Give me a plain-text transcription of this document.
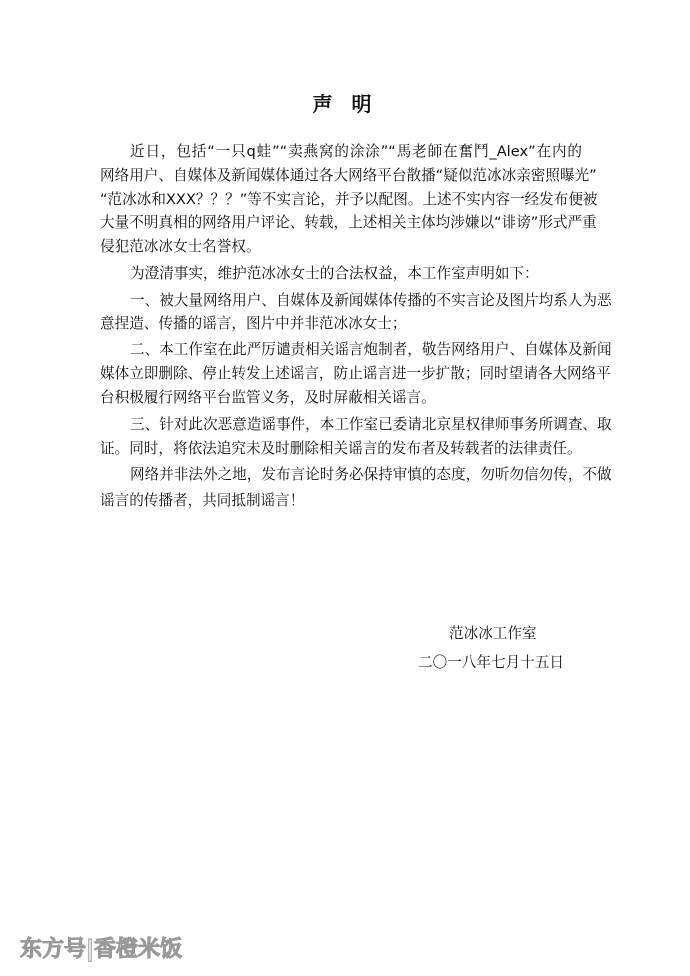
声 明
近日，包括“一只q蛙”“卖燕窝的涂涂”“馬老師在奮鬥_Alex”在内的
网络用户、自媒体及新闻媒体通过各大网络平台散播“疑似范冰冰亲密照曝光”
“范冰冰和XXX？？？”等不实言论，并予以配图。上述不实内容一经发布便被
大量不明真相的网络用户评论、转载，上述相关主体均涉嫌以“诽谤”形式严重
侵犯范冰冰女士名誉权。
为澄清事实，维护范冰冰女士的合法权益，本工作室声明如下：
一、被大量网络用户、自媒体及新闻媒体传播的不实言论及图片均系人为恶
意捏造、传播的谣言，图片中并非范冰冰女士；
二、本工作室在此严厉谴责相关谣言炮制者，敬告网络用户、自媒体及新闻
媒体立即删除、停止转发上述谣言，防止谣言进一步扩散；同时望请各大网络平
台积极履行网络平台监管义务，及时屏蔽相关谣言。
三、针对此次恶意造谣事件，本工作室已委请北京星权律师事务所调查、取
证。同时，将依法追究未及时删除相关谣言的发布者及转载者的法律责任。
网络并非法外之地，发布言论时务必保持审慎的态度，勿听勿信勿传，不做
谣言的传播者，共同抵制谣言！
范冰冰工作室
二〇一八年七月十五日
东方号|香橙米饭
